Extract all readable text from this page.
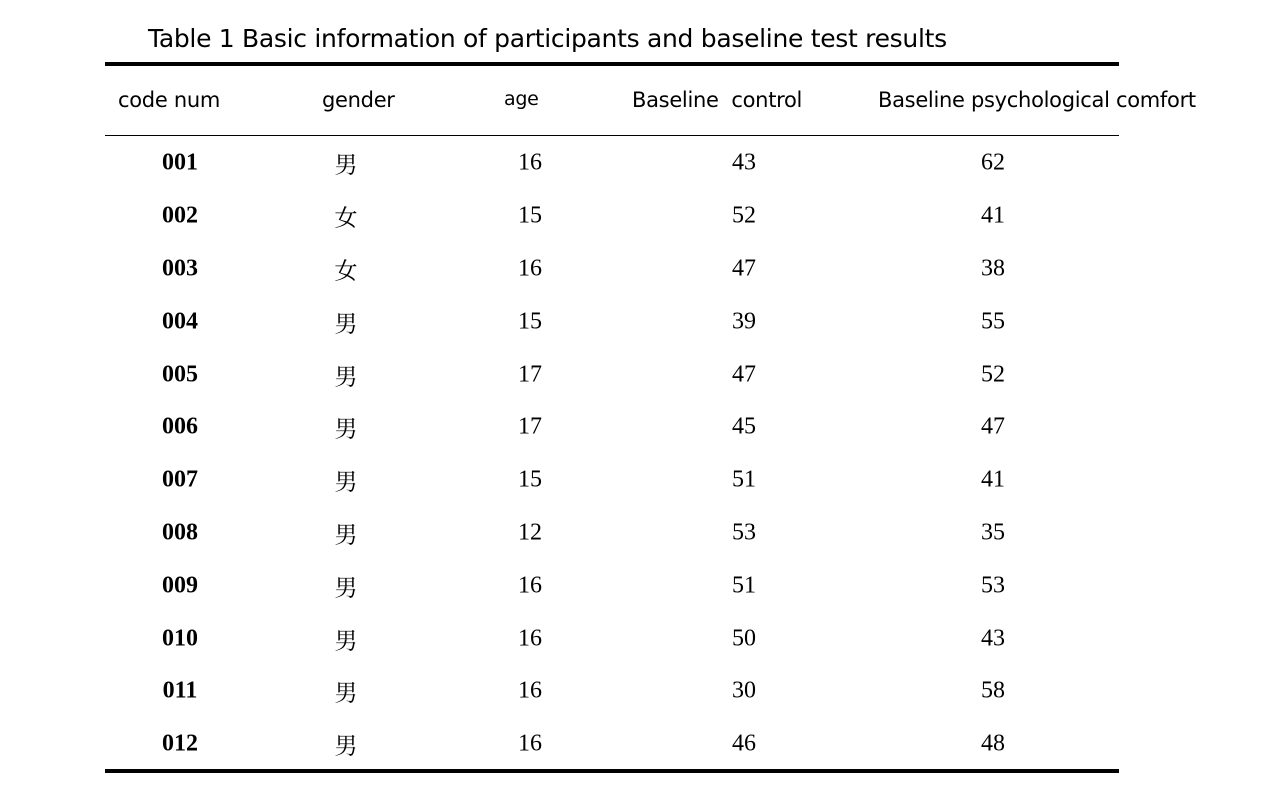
Table 1 Basic information of participants and baseline test results
code num	gender	age	Baseline  control	Baseline psychological comfort
001	男	16	43	62
002	女	15	52	41
003	女	16	47	38
004	男	15	39	55
005	男	17	47	52
006	男	17	45	47
007	男	15	51	41
008	男	12	53	35
009	男	16	51	53
010	男	16	50	43
011	男	16	30	58
012	男	16	46	48
